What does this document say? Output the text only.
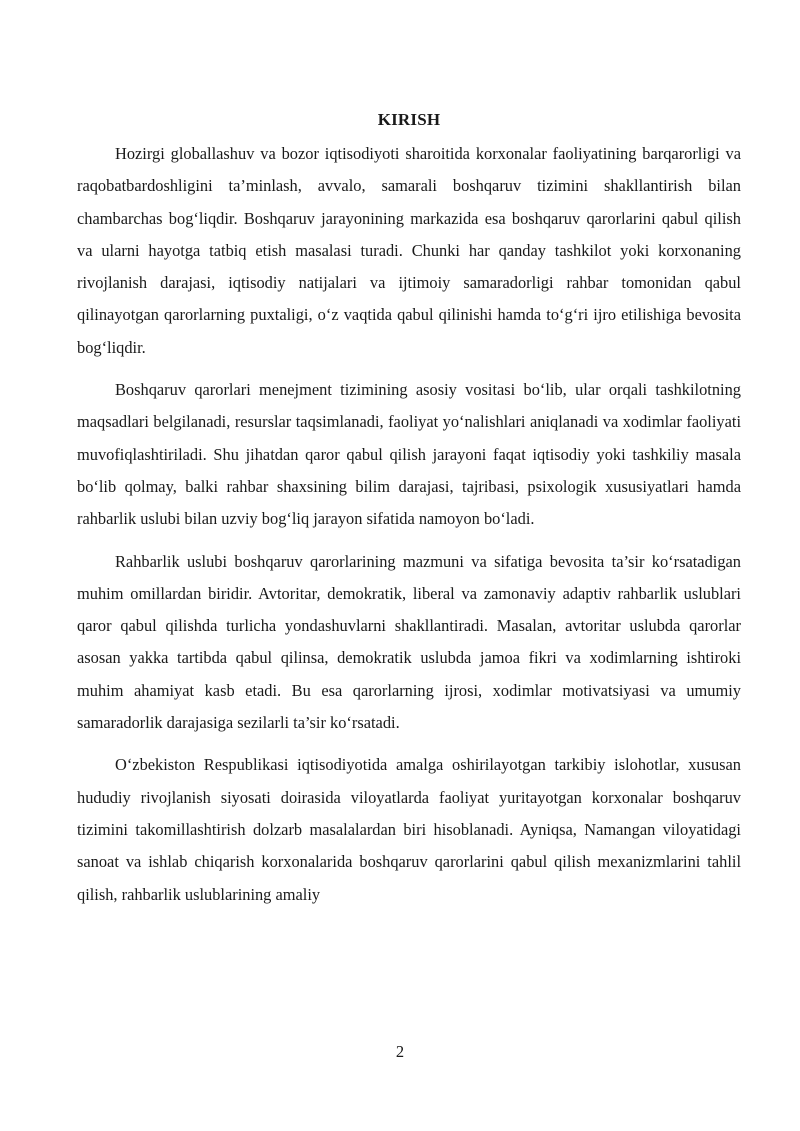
KIRISH

Hozirgi globallashuv va bozor iqtisodiyoti sharoitida korxonalar faoliyatining barqarorligi va raqobatbardoshligini ta’minlash, avvalo, samarali boshqaruv tizimini shakllantirish bilan chambarchas bog‘liqdir. Boshqaruv jarayonining markazida esa boshqaruv qarorlarini qabul qilish va ularni hayotga tatbiq etish masalasi turadi. Chunki har qanday tashkilot yoki korxonaning rivojlanish darajasi, iqtisodiy natijalari va ijtimoiy samaradorligi rahbar tomonidan qabul qilinayotgan qarorlarning puxtaligi, o‘z vaqtida qabul qilinishi hamda to‘g‘ri ijro etilishiga bevosita bog‘liqdir.

Boshqaruv qarorlari menejment tizimining asosiy vositasi bo‘lib, ular orqali tashkilotning maqsadlari belgilanadi, resurslar taqsimlanadi, faoliyat yo‘nalishlari aniqlanadi va xodimlar faoliyati muvofiqlashtiriladi. Shu jihatdan qaror qabul qilish jarayoni faqat iqtisodiy yoki tashkiliy masala bo‘lib qolmay, balki rahbar shaxsining bilim darajasi, tajribasi, psixologik xususiyatlari hamda rahbarlik uslubi bilan uzviy bog‘liq jarayon sifatida namoyon bo‘ladi.

Rahbarlik uslubi boshqaruv qarorlarining mazmuni va sifatiga bevosita ta’sir ko‘rsatadigan muhim omillardan biridir. Avtoritar, demokratik, liberal va zamonaviy adaptiv rahbarlik uslublari qaror qabul qilishda turlicha yondashuvlarni shakllantiradi. Masalan, avtoritar uslubda qarorlar asosan yakka tartibda qabul qilinsa, demokratik uslubda jamoa fikri va xodimlarning ishtiroki muhim ahamiyat kasb etadi. Bu esa qarorlarning ijrosi, xodimlar motivatsiyasi va umumiy samaradorlik darajasiga sezilarli ta’sir ko‘rsatadi.

O‘zbekiston Respublikasi iqtisodiyotida amalga oshirilayotgan tarkibiy islohotlar, xususan hududiy rivojlanish siyosati doirasida viloyatlarda faoliyat yuritayotgan korxonalar boshqaruv tizimini takomillashtirish dolzarb masalalardan biri hisoblanadi. Ayniqsa, Namangan viloyatidagi sanoat va ishlab chiqarish korxonalarida boshqaruv qarorlarini qabul qilish mexanizmlarini tahlil qilish, rahbarlik uslublarining amaliy

2
